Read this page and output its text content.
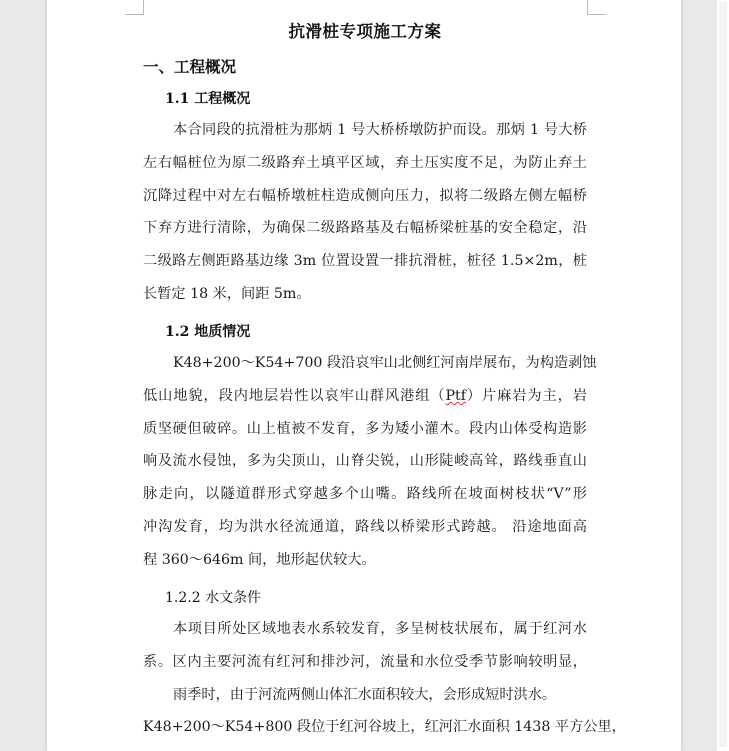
抗滑桩专项施工方案
一、工程概况
1.1 工程概况
本合同段的抗滑桩为那炳 1 号大桥桥墩防护而设。那炳 1 号大桥
左右幅桩位为原二级路弃土填平区域，弃土压实度不足，为防止弃土
沉降过程中对左右幅桥墩桩柱造成侧向压力，拟将二级路左侧左幅桥
下弃方进行清除，为确保二级路路基及右幅桥梁桩基的安全稳定，沿
二级路左侧距路基边缘 3m 位置设置一排抗滑桩，桩径 1.5×2m，桩
长暂定 18 米，间距 5m。
1.2 地质情况
K48+200～K54+700 段沿哀牢山北侧红河南岸展布，为构造剥蚀
低山地貌，段内地层岩性以哀牢山群风港组（Ptf）片麻岩为主，岩
质坚硬但破碎。山上植被不发育，多为矮小灌木。段内山体受构造影
响及流水侵蚀，多为尖顶山，山脊尖锐，山形陡峻高耸，路线垂直山
脉走向，以隧道群形式穿越多个山嘴。路线所在坡面树枝状“V”形
冲沟发育，均为洪水径流通道，路线以桥梁形式跨越。 沿途地面高
程 360～646m 间，地形起伏较大。
1.2.2 水文条件
本项目所处区域地表水系较发育，多呈树枝状展布，属于红河水
系。区内主要河流有红河和排沙河，流量和水位受季节影响较明显，
雨季时，由于河流两侧山体汇水面积较大，会形成短时洪水。
K48+200～K54+800 段位于红河谷坡上，红河汇水面积 1438 平方公里，
